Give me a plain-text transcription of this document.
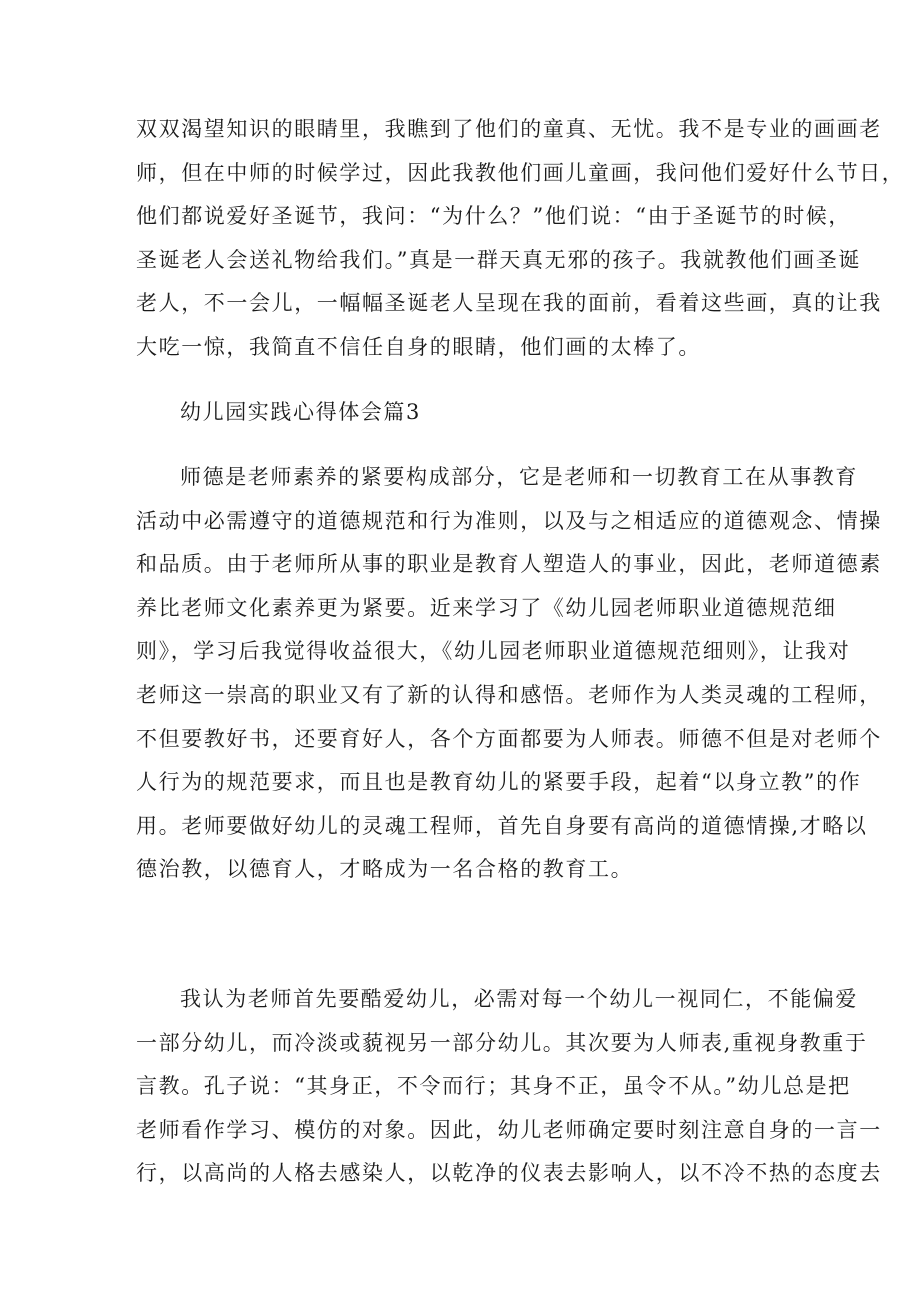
双双渴望知识的眼睛里，我瞧到了他们的童真、无忧。我不是专业的画画老
师，但在中师的时候学过，因此我教他们画儿童画，我问他们爱好什么节日，
他们都说爱好圣诞节，我问：“为什么？”他们说：“由于圣诞节的时候，
圣诞老人会送礼物给我们。”真是一群天真无邪的孩子。我就教他们画圣诞
老人，不一会儿，一幅幅圣诞老人呈现在我的面前，看着这些画，真的让我
大吃一惊，我简直不信任自身的眼睛，他们画的太棒了。

幼儿园实践心得体会篇3

师德是老师素养的紧要构成部分，它是老师和一切教育工在从事教育
活动中必需遵守的道德规范和行为准则，以及与之相适应的道德观念、情操
和品质。由于老师所从事的职业是教育人塑造人的事业，因此，老师道德素
养比老师文化素养更为紧要。近来学习了《幼儿园老师职业道德规范细
则》，学习后我觉得收益很大，《幼儿园老师职业道德规范细则》，让我对
老师这一崇高的职业又有了新的认得和感悟。老师作为人类灵魂的工程师，
不但要教好书，还要育好人，各个方面都要为人师表。师德不但是对老师个
人行为的规范要求，而且也是教育幼儿的紧要手段，起着“以身立教”的作
用。老师要做好幼儿的灵魂工程师，首先自身要有高尚的道德情操,才略以
德治教，以德育人，才略成为一名合格的教育工。

我认为老师首先要酷爱幼儿，必需对每一个幼儿一视同仁，不能偏爱
一部分幼儿，而冷淡或藐视另一部分幼儿。其次要为人师表,重视身教重于
言教。孔子说：“其身正，不令而行；其身不正，虽令不从。”幼儿总是把
老师看作学习、模仿的对象。因此，幼儿老师确定要时刻注意自身的一言一
行，以高尚的人格去感染人，以乾净的仪表去影响人，以不冷不热的态度去
